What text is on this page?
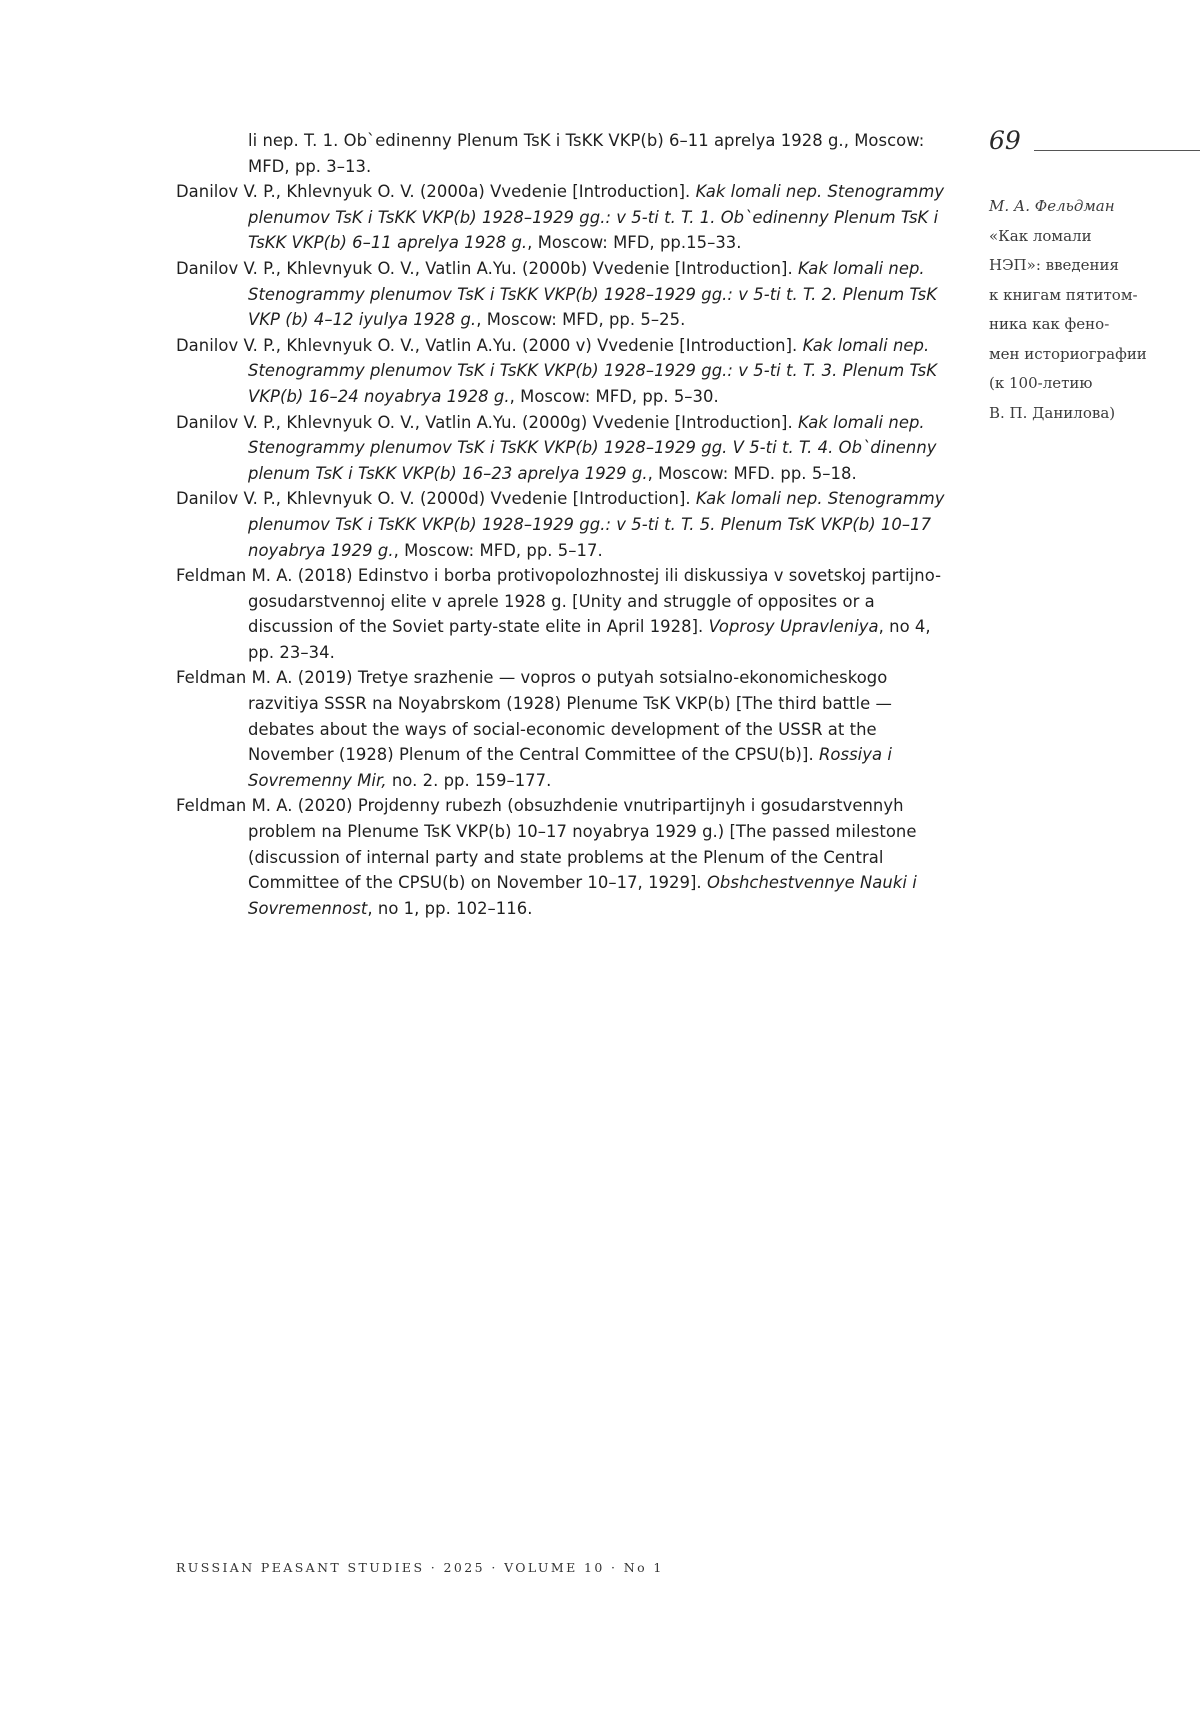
li nep. T. 1. Ob`edinenny Plenum TsK i TsKK VKP(b) 6–11 aprelya 1928 g., Moscow: MFD, pp. 3–13.

Danilov V. P., Khlevnyuk O. V. (2000a) Vvedenie [Introduction]. Kak lomali nep. Stenogrammy plenumov TsK i TsKK VKP(b) 1928–1929 gg.: v 5-ti t. T. 1. Ob`edinenny Plenum TsK i TsKK VKP(b) 6–11 aprelya 1928 g., Moscow: MFD, pp.15–33.

Danilov V. P., Khlevnyuk O. V., Vatlin A.Yu. (2000b) Vvedenie [Introduction]. Kak lomali nep. Stenogrammy plenumov TsK i TsKK VKP(b) 1928–1929 gg.: v 5-ti t. T. 2. Plenum TsK VKP (b) 4–12 iyulya 1928 g., Moscow: MFD, pp. 5–25.

Danilov V. P., Khlevnyuk O. V., Vatlin A.Yu. (2000 v) Vvedenie [Introduction]. Kak lomali nep. Stenogrammy plenumov TsK i TsKK VKP(b) 1928–1929 gg.: v 5-ti t. T. 3. Plenum TsK VKP(b) 16–24 noyabrya 1928 g., Moscow: MFD, pp. 5–30.

Danilov V. P., Khlevnyuk O. V., Vatlin A.Yu. (2000g) Vvedenie [Introduction]. Kak lomali nep. Stenogrammy plenumov TsK i TsKK VKP(b) 1928–1929 gg. V 5-ti t. T. 4. Ob`dinenny plenum TsK i TsKK VKP(b) 16–23 aprelya 1929 g., Moscow: MFD. pp. 5–18.

Danilov V. P., Khlevnyuk O. V. (2000d) Vvedenie [Introduction]. Kak lomali nep. Stenogrammy plenumov TsK i TsKK VKP(b) 1928–1929 gg.: v 5-ti t. T. 5. Plenum TsK VKP(b) 10–17 noyabrya 1929 g., Moscow: MFD, pp. 5–17.

Feldman M. A. (2018) Edinstvo i borba protivopolozhnostej ili diskussiya v sovetskoj partijno-gosudarstvennoj elite v aprele 1928 g. [Unity and struggle of opposites or a discussion of the Soviet party-state elite in April 1928]. Voprosy Upravleniya, no 4, pp. 23–34.

Feldman M. A. (2019) Tretye srazhenie — vopros o putyah sotsialno-ekonomicheskogo razvitiya SSSR na Noyabrskom (1928) Plenume TsK VKP(b) [The third battle — debates about the ways of social-economic development of the USSR at the November (1928) Plenum of the Central Committee of the CPSU(b)]. Rossiya i Sovremenny Mir, no. 2. pp. 159–177.

Feldman M. A. (2020) Projdenny rubezh (obsuzhdenie vnutripartijnyh i gosudarstvennyh problem na Plenume TsK VKP(b) 10–17 noyabrya 1929 g.) [The passed milestone (discussion of internal party and state problems at the Plenum of the Central Committee of the CPSU(b) on November 10–17, 1929]. Obshchestvennye Nauki i Sovremennost, no 1, pp. 102–116.

69
М. А. Фельдман
«Как ломали
НЭП»: введения
к книгам пятитом-
ника как фено-
мен историографии
(к 100-летию
В. П. Данилова)
RUSSIAN PEASANT STUDIES · 2025 · VOLUME 10 · No 1
